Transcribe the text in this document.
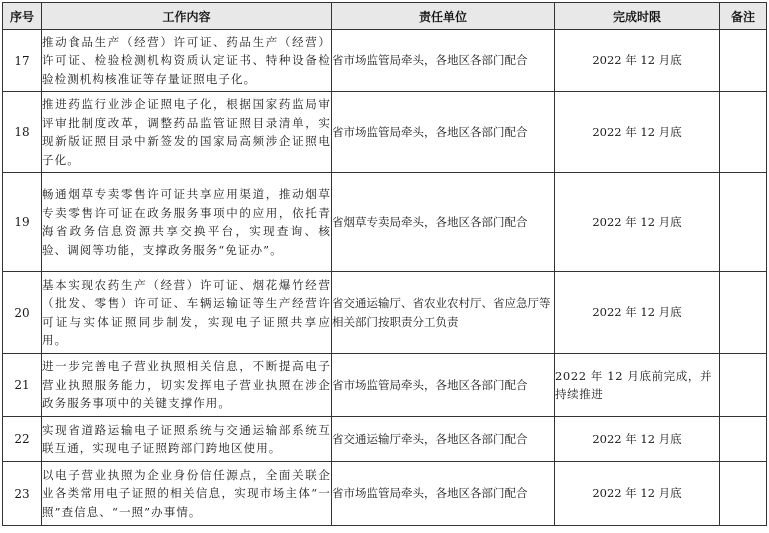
序号	工作内容	责任单位	完成时限	备注
17	推动食品生产（经营）许可证、药品生产（经营）许可证、检验检测机构资质认定证书、特种设备检验检测机构核准证等存量证照电子化。	省市场监管局牵头，各地区各部门配合	2022 年 12 月底	
18	推进药监行业涉企证照电子化，根据国家药监局审评审批制度改革，调整药品监管证照目录清单，实现新版证照目录中新签发的国家局高频涉企证照电子化。	省市场监管局牵头，各地区各部门配合	2022 年 12 月底	
19	畅通烟草专卖零售许可证共享应用渠道，推动烟草专卖零售许可证在政务服务事项中的应用，依托青海省政务信息资源共享交换平台，实现查询、核验、调阅等功能，支撑政务服务“免证办”。	省烟草专卖局牵头，各地区各部门配合	2022 年 12 月底	
20	基本实现农药生产（经营）许可证、烟花爆竹经营（批发、零售）许可证、车辆运输证等生产经营许可证与实体证照同步制发，实现电子证照共享应用。	省交通运输厅、省农业农村厅、省应急厅等相关部门按职责分工负责	2022 年 12 月底	
21	进一步完善电子营业执照相关信息，不断提高电子营业执照服务能力，切实发挥电子营业执照在涉企政务服务事项中的关键支撑作用。	省市场监管局牵头，各地区各部门配合	2022 年 12 月底前完成，并持续推进	
22	实现省道路运输电子证照系统与交通运输部系统互联互通，实现电子证照跨部门跨地区使用。	省交通运输厅牵头，各地区各部门配合	2022 年 12 月底	
23	以电子营业执照为企业身份信任源点，全面关联企业各类常用电子证照的相关信息，实现市场主体“一照”查信息、“一照”办事情。	省市场监管局牵头，各地区各部门配合	2022 年 12 月底	
